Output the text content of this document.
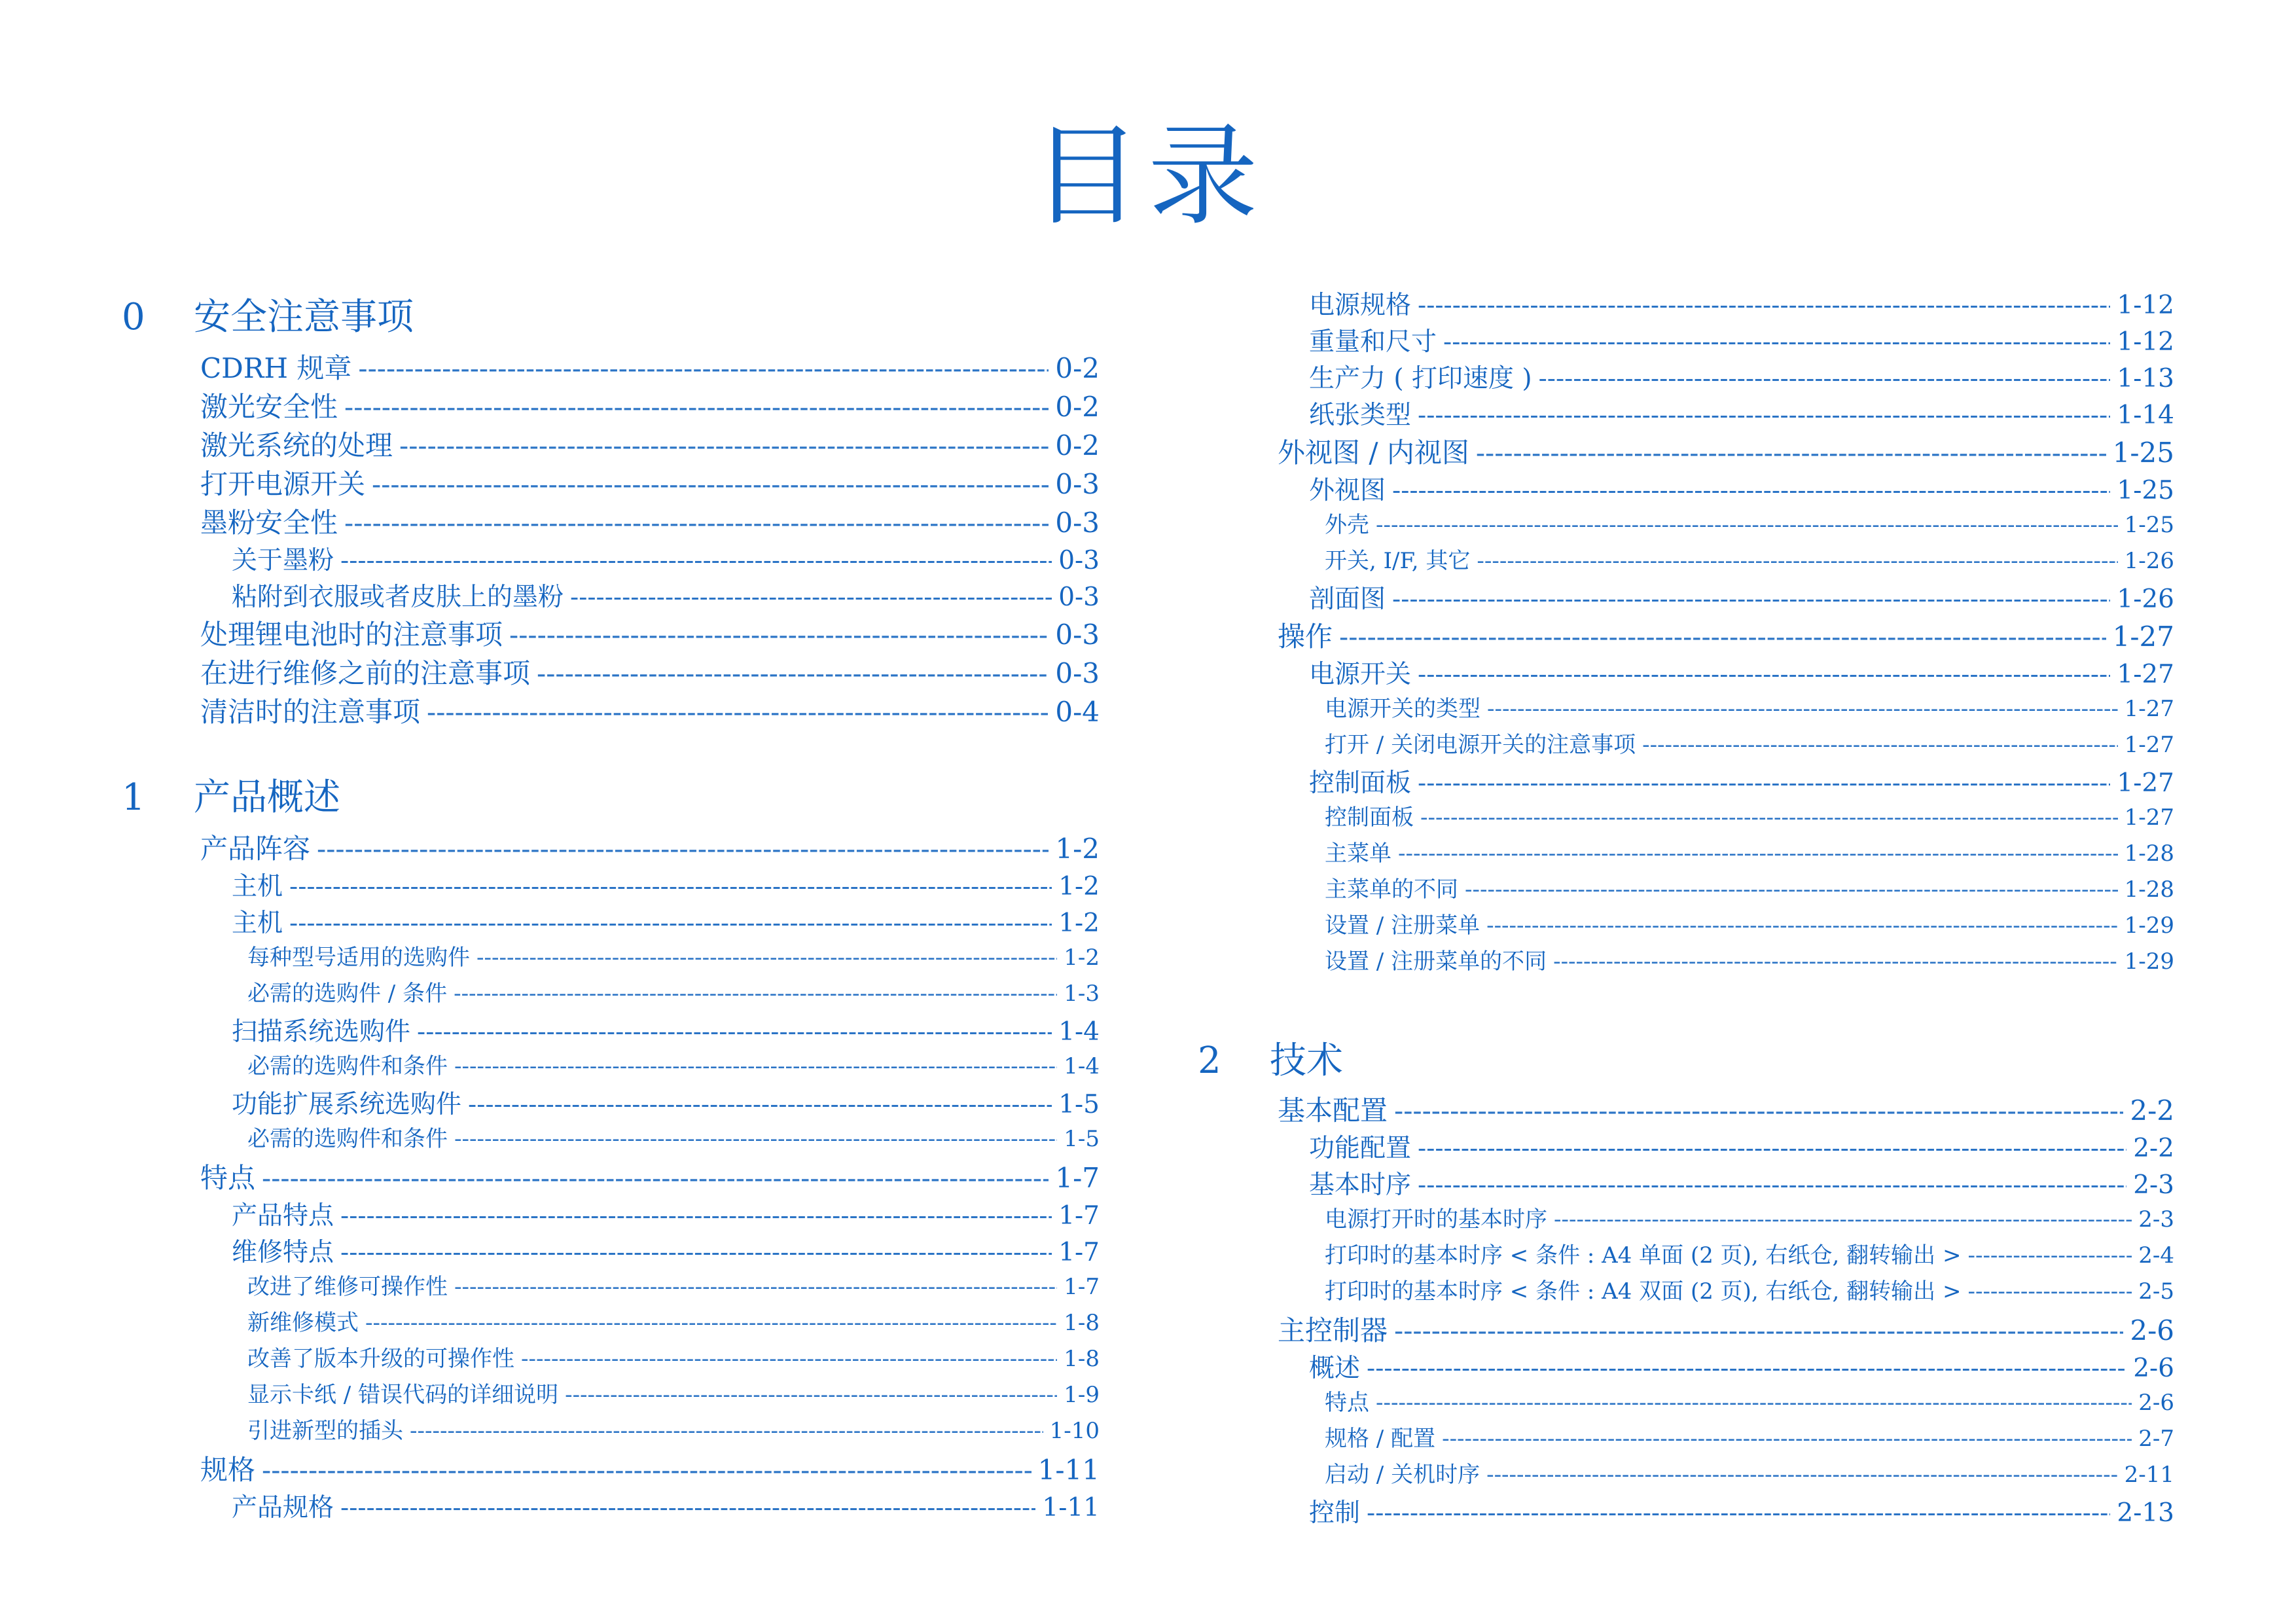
目录
0	安全注意事项
CDRH 规章 -----	0-2
激光安全性 -----	0-2
激光系统的处理 -----	0-2
打开电源开关 -----	0-3
墨粉安全性 -----	0-3
关于墨粉 -----	0-3
粘附到衣服或者皮肤上的墨粉 -----	0-3
处理锂电池时的注意事项 -----	0-3
在进行维修之前的注意事项 -----	0-3
清洁时的注意事项 -----	0-4
1	产品概述
产品阵容 -----	1-2
主机 -----	1-2
主机 -----	1-2
每种型号适用的选购件 -----	1-2
必需的选购件 / 条件 -----	1-3
扫描系统选购件 -----	1-4
必需的选购件和条件 -----	1-4
功能扩展系统选购件 -----	1-5
必需的选购件和条件 -----	1-5
特点 -----	1-7
产品特点 -----	1-7
维修特点 -----	1-7
改进了维修可操作性 -----	1-7
新维修模式 -----	1-8
改善了版本升级的可操作性 -----	1-8
显示卡纸 / 错误代码的详细说明 -----	1-9
引进新型的插头 -----	1-10
规格 -----	1-11
产品规格 -----	1-11
电源规格 -----	1-12
重量和尺寸 -----	1-12
生产力 ( 打印速度 ) -----	1-13
纸张类型 -----	1-14
外视图 / 内视图 -----	1-25
外视图 -----	1-25
外壳 -----	1-25
开关, I/F, 其它 -----	1-26
剖面图 -----	1-26
操作 -----	1-27
电源开关 -----	1-27
电源开关的类型 -----	1-27
打开 / 关闭电源开关的注意事项 -----	1-27
控制面板 -----	1-27
控制面板 -----	1-27
主菜单 -----	1-28
主菜单的不同 -----	1-28
设置 / 注册菜单 -----	1-29
设置 / 注册菜单的不同 -----	1-29
2	技术
基本配置 -----	2-2
功能配置 -----	2-2
基本时序 -----	2-3
电源打开时的基本时序 -----	2-3
打印时的基本时序 < 条件 : A4 单面 (2 页), 右纸仓, 翻转输出 > -----	2-4
打印时的基本时序 < 条件 : A4 双面 (2 页), 右纸仓, 翻转输出 > -----	2-5
主控制器 -----	2-6
概述 -----	2-6
特点 -----	2-6
规格 / 配置 -----	2-7
启动 / 关机时序 -----	2-11
控制 -----	2-13
